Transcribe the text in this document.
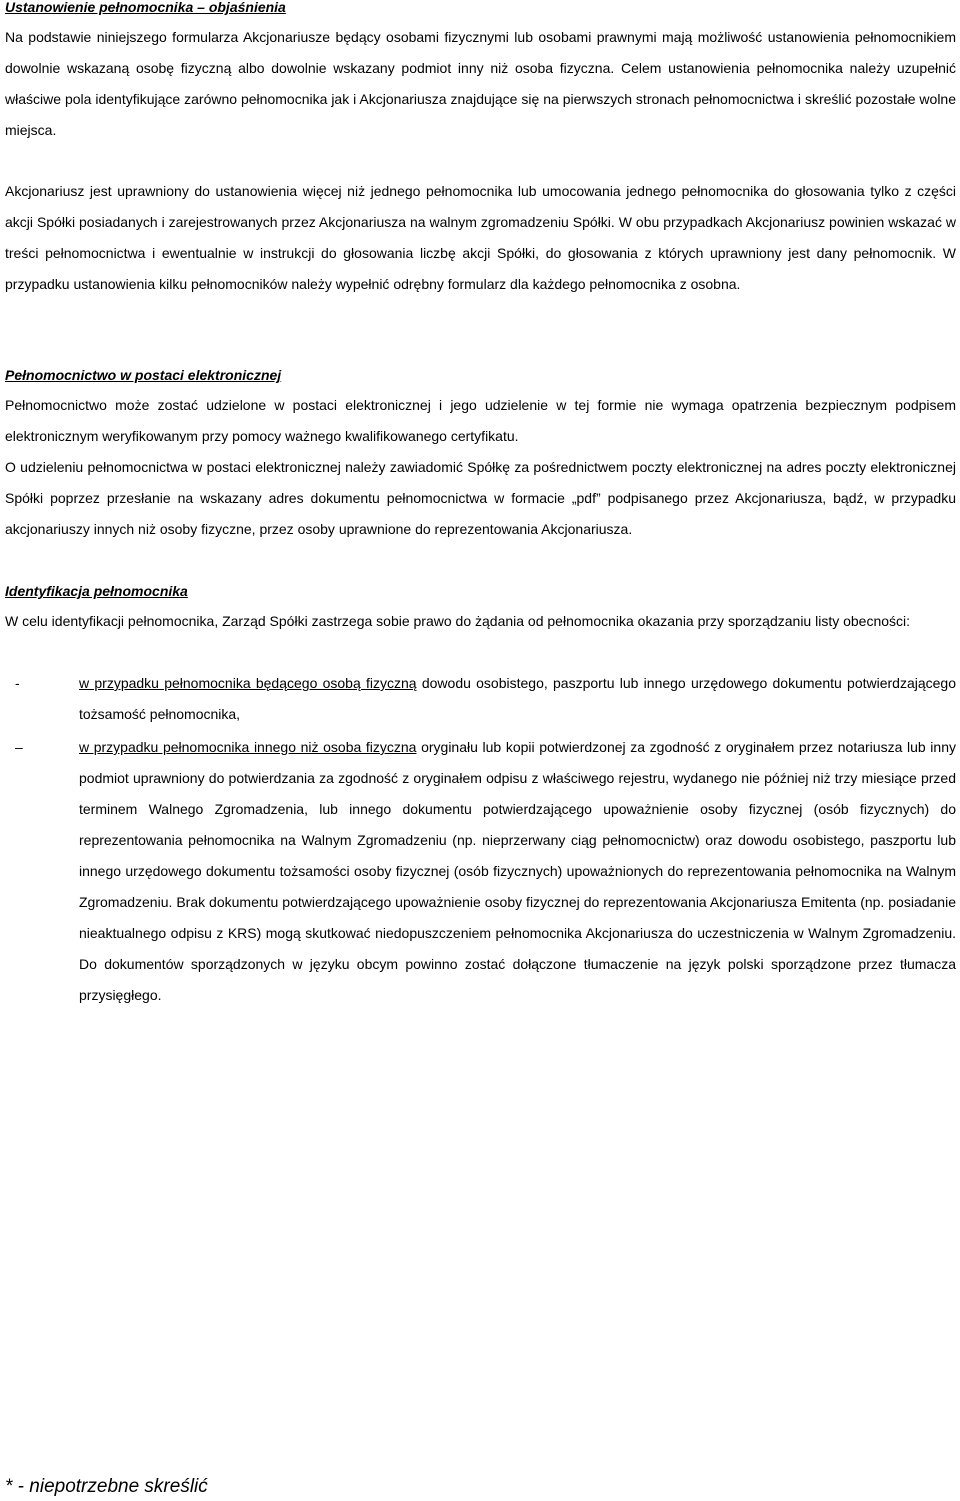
Ustanowienie pełnomocnika – objaśnienia

Na podstawie niniejszego formularza Akcjonariusze będący osobami fizycznymi lub osobami prawnymi mają możliwość ustanowienia pełnomocnikiem dowolnie wskazaną osobę fizyczną albo dowolnie wskazany podmiot inny niż osoba fizyczna. Celem ustanowienia pełnomocnika należy uzupełnić właściwe pola identyfikujące zarówno pełnomocnika jak i Akcjonariusza znajdujące się na pierwszych stronach pełnomocnictwa i skreślić pozostałe wolne miejsca.

Akcjonariusz jest uprawniony do ustanowienia więcej niż jednego pełnomocnika lub umocowania jednego pełnomocnika do głosowania tylko z części akcji Spółki posiadanych i zarejestrowanych przez Akcjonariusza na walnym zgromadzeniu Spółki. W obu przypadkach Akcjonariusz powinien wskazać w treści pełnomocnictwa i ewentualnie w instrukcji do głosowania liczbę akcji Spółki, do głosowania z których uprawniony jest dany pełnomocnik. W przypadku ustanowienia kilku pełnomocników należy wypełnić odrębny formularz dla każdego pełnomocnika z osobna.

Pełnomocnictwo w postaci elektronicznej

Pełnomocnictwo może zostać udzielone w postaci elektronicznej i jego udzielenie w tej formie nie wymaga opatrzenia bezpiecznym podpisem elektronicznym weryfikowanym przy pomocy ważnego kwalifikowanego certyfikatu.

O udzieleniu pełnomocnictwa w postaci elektronicznej należy zawiadomić Spółkę za pośrednictwem poczty elektronicznej na adres poczty elektronicznej Spółki poprzez przesłanie na wskazany adres dokumentu pełnomocnictwa w formacie „pdf” podpisanego przez Akcjonariusza, bądź, w przypadku akcjonariuszy innych niż osoby fizyczne, przez osoby uprawnione do reprezentowania Akcjonariusza.

Identyfikacja pełnomocnika

W celu identyfikacji pełnomocnika, Zarząd Spółki zastrzega sobie prawo do żądania od pełnomocnika okazania przy sporządzaniu listy obecności:

-	w przypadku pełnomocnika będącego osobą fizyczną dowodu osobistego, paszportu lub innego urzędowego dokumentu potwierdzającego tożsamość pełnomocnika,
–	w przypadku pełnomocnika innego niż osoba fizyczna oryginału lub kopii potwierdzonej za zgodność z oryginałem przez notariusza lub inny podmiot uprawniony do potwierdzania za zgodność z oryginałem odpisu z właściwego rejestru, wydanego nie później niż trzy miesiące przed terminem Walnego Zgromadzenia, lub innego dokumentu potwierdzającego upoważnienie osoby fizycznej (osób fizycznych) do reprezentowania pełnomocnika na Walnym Zgromadzeniu (np. nieprzerwany ciąg pełnomocnictw) oraz dowodu osobistego, paszportu lub innego urzędowego dokumentu tożsamości osoby fizycznej (osób fizycznych) upoważnionych do reprezentowania pełnomocnika na Walnym Zgromadzeniu. Brak dokumentu potwierdzającego upoważnienie osoby fizycznej do reprezentowania Akcjonariusza Emitenta (np. posiadanie nieaktualnego odpisu z KRS) mogą skutkować niedopuszczeniem pełnomocnika Akcjonariusza do uczestniczenia w Walnym Zgromadzeniu. Do dokumentów sporządzonych w języku obcym powinno zostać dołączone tłumaczenie na język polski sporządzone przez tłumacza przysięgłego.
* - niepotrzebne skreślić
